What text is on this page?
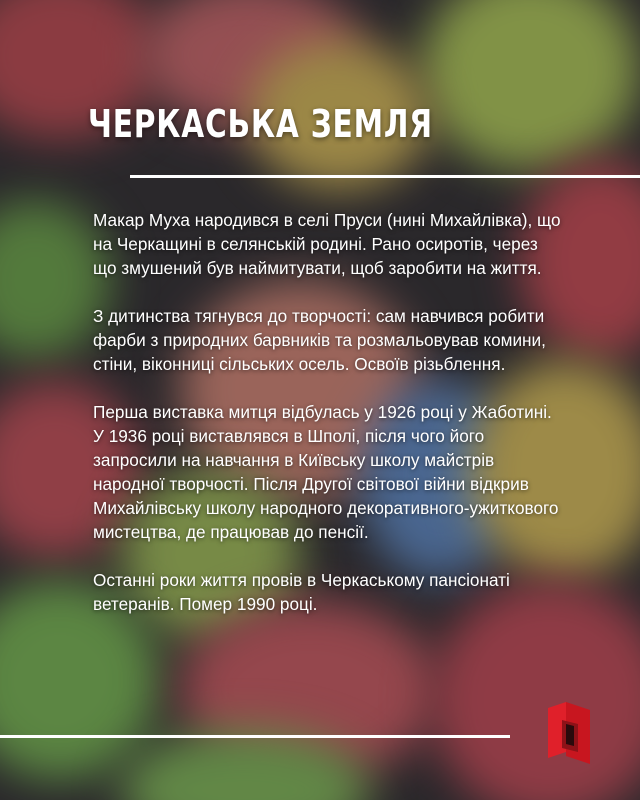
ЧЕРКАСЬКА ЗЕМЛЯ

Макар Муха народився в селі Пруси (нині Михайлівка), що на Черкащині в селянській родині. Рано осиротів, через що змушений був наймитувати, щоб заробити на життя.

З дитинства тягнувся до творчості: сам навчився робити фарби з природних барвників та розмальовував комини, стіни, віконниці сільських осель. Освоїв різьблення.

Перша виставка митця відбулась у 1926 році у Жаботині. У 1936 році виставлявся в Шполі, після чого його запросили на навчання в Київську школу майстрів народної творчості. Після Другої світової війни відкрив Михайлівську школу народного декоративного-ужиткового мистецтва, де працював до пенсії.

Останні роки життя провів в Черкаському пансіонаті ветеранів. Помер 1990 році.
